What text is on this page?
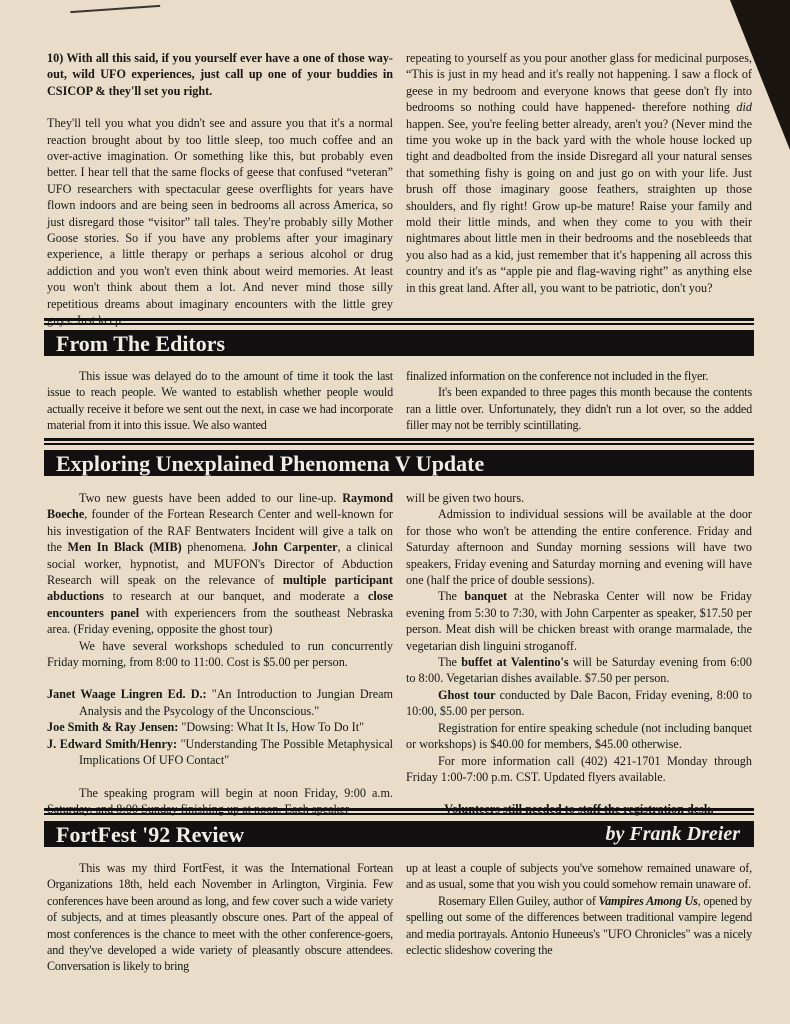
10) With all this said, if you yourself ever have a one of those way-out, wild UFO experiences, just call up one of your buddies in CSICOP & they'll set you right.

They'll tell you what you didn't see and assure you that it's a normal reaction brought about by too little sleep, too much coffee and an over-active imagination. Or something like this, but probably even better. I hear tell that the same flocks of geese that confused “veteran” UFO researchers with spectacular geese overflights for years have flown indoors and are being seen in bedrooms all across America, so just disregard those “visitor” tall tales. They're probably silly Mother Goose stories. So if you have any problems after your imaginary experience, a little therapy or perhaps a serious alcohol or drug addiction and you won't even think about weird memories. At least you won't think about them a lot. And never mind those silly repetitious dreams about imaginary encounters with the little grey

repeating to yourself as you pour another glass for medicinal purposes, “This is just in my head and it's really not happening. I saw a flock of geese in my bedroom and everyone knows that geese don't fly into bedrooms so nothing could have happened- therefore nothing did happen. See, you're feeling better already, aren't you? (Never mind the time you woke up in the back yard with the whole house locked up tight and deadbolted from the inside Disregard all your natural senses that something fishy is going on and just go on with your life. Just brush off those imaginary goose feathers, straighten up those shoulders, and fly right! Grow up-be mature! Raise your family and mold their little minds, and when they come to you with their nightmares about little men in their bedrooms and the nosebleeds that you also had as a kid, just remember that it's happening all across this country and it's as “apple pie and flag-waving right” as anything else in this great land. After all, you want to be patriotic, don't you?

From The Editors

This issue was delayed do to the amount of time it took the last issue to reach people. We wanted to establish whether people would actually receive it before we sent out the next, in case we had incorporate material from it into this issue. We also wanted

finalized information on the conference not included in the flyer.

It's been expanded to three pages this month because the contents ran a little over. Unfortunately, they didn't run a lot over, so the added filler may not be terribly scintillating.

Exploring Unexplained Phenomena V Update

Two new guests have been added to our line-up. Raymond Boeche, founder of the Fortean Research Center and well-known for his investigation of the RAF Bentwaters Incident will give a talk on the Men In Black (MIB) phenomena. John Carpenter, a clinical social worker, hypnotist, and MUFON's Director of Abduction Research will speak on the relevance of multiple participant abductions to research at our banquet, and moderate a close encounters panel with experiencers from the southeast Nebraska area. (Friday evening, opposite the ghost tour)

We have several workshops scheduled to run concurrently Friday morning, from 8:00 to 11:00. Cost is $5.00 per person.

Janet Waage Lingren Ed. D.: "An Introduction to Jungian Dream Analysis and the Psycology of the Unconscious."

Joe Smith & Ray Jensen: "Dowsing: What It Is, How To Do It"

J. Edward Smith/Henry: "Understanding The Possible Metaphysical Implications Of UFO Contact"

The speaking program will begin at noon Friday, 9:00 a.m.

will be given two hours.

Admission to individual sessions will be available at the door for those who won't be attending the entire conference. Friday and Saturday afternoon and Sunday morning sessions will have two speakers, Friday evening and Saturday morning and evening will have one (half the price of double sessions).

The banquet at the Nebraska Center will now be Friday evening from 5:30 to 7:30, with John Carpenter as speaker, $17.50 per person. Meat dish will be chicken breast with orange marmalade, the vegetarian dish linguini stroganoff.

The buffet at Valentino's will be Saturday evening from 6:00 to 8:00. Vegetarian dishes available. $7.50 per person.

Ghost tour conducted by Dale Bacon, Friday evening, 8:00 to 10:00, $5.00 per person.

Registration for entire speaking schedule (not including banquet or workshops) is $40.00 for members, $45.00 otherwise.

For more information call (402) 421-1701 Monday through Friday 1:00-7:00 p.m. CST. Updated flyers available.

FortFest '92 Review	by Frank Dreier

This was my third FortFest, it was the International Fortean Organizations 18th, held each November in Arlington, Virginia. Few conferences have been around as long, and few cover such a wide variety of subjects, and at times pleasantly obscure ones. Part of the appeal of most conferences is the chance to meet with the other conference-goers, and they've developed a wide variety of pleasantly obscure attendees. Conversation is likely to bring

up at least a couple of subjects you've somehow remained unaware of, and as usual, some that you wish you could somehow remain unaware of.

Rosemary Ellen Guiley, author of Vampires Among Us, opened by spelling out some of the differences between traditional vampire legend and media portrayals. Antonio Huneeus's "UFO Chronicles" was a nicely eclectic slideshow covering the
